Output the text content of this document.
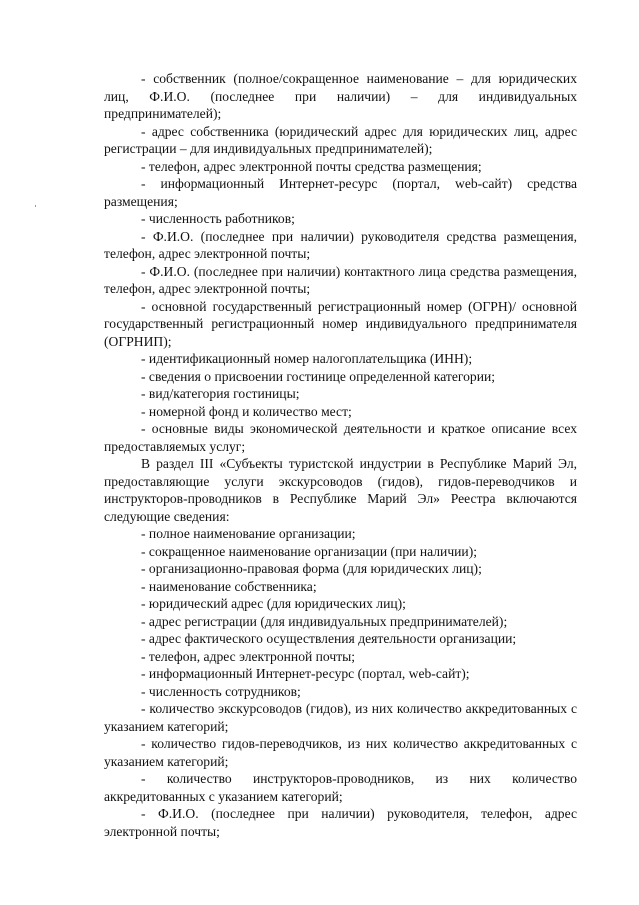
- собственник (полное/сокращенное наименование – для юридических лиц, Ф.И.О. (последнее при наличии) – для индивидуальных предпринимателей);

- адрес собственника (юридический адрес для юридических лиц, адрес регистрации – для индивидуальных предпринимателей);

- телефон, адрес электронной почты средства размещения;

- информационный Интернет-ресурс (портал, web-сайт) средства размещения;

- численность работников;

- Ф.И.О. (последнее при наличии) руководителя средства размещения, телефон, адрес электронной почты;

- Ф.И.О. (последнее при наличии) контактного лица средства размещения, телефон, адрес электронной почты;

- основной государственный регистрационный номер (ОГРН)/ основной государственный регистрационный номер индивидуального предпринимателя (ОГРНИП);

- идентификационный номер налогоплательщика (ИНН);

- сведения о присвоении гостинице определенной категории;

- вид/категория гостиницы;

- номерной фонд и количество мест;

- основные виды экономической деятельности и краткое описание всех предоставляемых услуг;

В раздел III «Субъекты туристской индустрии в Республике Марий Эл, предоставляющие услуги экскурсоводов (гидов), гидов-переводчиков и инструкторов-проводников в Республике Марий Эл» Реестра включаются следующие сведения:

- полное наименование организации;

- сокращенное наименование организации (при наличии);

- организационно-правовая форма (для юридических лиц);

- наименование собственника;

- юридический адрес (для юридических лиц);

- адрес регистрации (для индивидуальных предпринимателей);

- адрес фактического осуществления деятельности организации;

- телефон, адрес электронной почты;

- информационный Интернет-ресурс (портал, web-сайт);

- численность сотрудников;

- количество экскурсоводов (гидов), из них количество аккредитованных с указанием категорий;

- количество гидов-переводчиков, из них количество аккредитованных с указанием категорий;

- количество инструкторов-проводников, из них количество аккредитованных с указанием категорий;

- Ф.И.О. (последнее при наличии) руководителя, телефон, адрес электронной почты;
